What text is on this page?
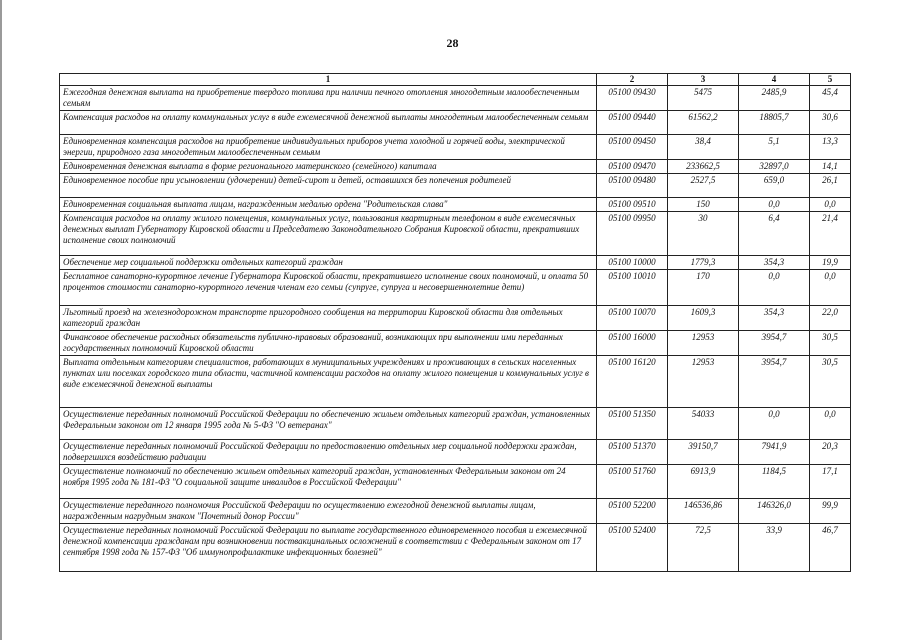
28
1	2	3	4	5
Ежегодная денежная выплата на приобретение твердого топлива при наличии печного отопления многодетным малообеспеченным семьям	05100 09430	5475	2485,9	45,4
Компенсация расходов на оплату коммунальных услуг в виде ежемесячной денежной выплаты многодетным малообеспеченным семьям	05100 09440	61562,2	18805,7	30,6
Единовременная компенсация расходов на приобретение индивидуальных приборов учета холодной и горячей воды, электрической энергии, природного газа многодетным малообеспеченным семьям	05100 09450	38,4	5,1	13,3
Единовременная денежная выплата в форме регионального материнского (семейного) капитала	05100 09470	233662,5	32897,0	14,1
Единовременное пособие при усыновлении (удочерении) детей-сирот и детей, оставшихся без попечения родителей	05100 09480	2527,5	659,0	26,1
Единовременная социальная выплата лицам, награжденным медалью ордена "Родительская слава"	05100 09510	150	0,0	0,0
Компенсация расходов на оплату жилого помещения, коммунальных услуг, пользования квартирным телефоном в виде ежемесячных денежных выплат Губернатору Кировской области и Председателю Законодательного Собрания Кировской области, прекративших исполнение своих полномочий	05100 09950	30	6,4	21,4
Обеспечение мер социальной поддержки отдельных категорий граждан	05100 10000	1779,3	354,3	19,9
Бесплатное санаторно-курортное лечение Губернатора Кировской области, прекратившего исполнение своих полномочий, и оплата 50 процентов стоимости санаторно-курортного лечения членам его семьи (супруге, супруга и несовершеннолетние дети)	05100 10010	170	0,0	0,0
Льготный проезд на железнодорожном транспорте пригородного сообщения на территории Кировской области для отдельных категорий граждан	05100 10070	1609,3	354,3	22,0
Финансовое обеспечение расходных обязательств публично-правовых образований, возникающих при выполнении ими переданных государственных полномочий Кировской области	05100 16000	12953	3954,7	30,5
Выплата отдельным категориям специалистов, работающих в муниципальных учреждениях и проживающих в сельских населенных пунктах или поселках городского типа области, частичной компенсации расходов на оплату жилого помещения и коммунальных услуг в виде ежемесячной денежной выплаты	05100 16120	12953	3954,7	30,5
Осуществление переданных полномочий Российской Федерации по обеспечению жильем отдельных категорий граждан, установленных Федеральным законом от 12 января 1995 года № 5-ФЗ "О ветеранах"	05100 51350	54033	0,0	0,0
Осуществление переданных полномочий Российской Федерации по предоставлению отдельных мер социальной поддержки граждан, подвергшихся воздействию радиации	05100 51370	39150,7	7941,9	20,3
Осуществление полномочий по обеспечению жильем отдельных категорий граждан, установленных Федеральным законом от 24 ноября 1995 года № 181-ФЗ "О социальной защите инвалидов в Российской Федерации"	05100 51760	6913,9	1184,5	17,1
Осуществление переданного полномочия Российской Федерации по осуществлению ежегодной денежной выплаты лицам, награжденным нагрудным знаком "Почетный донор России"	05100 52200	146536,86	146326,0	99,9
Осуществление переданных полномочий Российской Федерации по выплате государственного единовременного пособия и ежемесячной денежной компенсации гражданам при возникновении поствакцинальных осложнений в соответствии с Федеральным законом от 17 сентября 1998 года № 157-ФЗ "Об иммунопрофилактике инфекционных болезней"	05100 52400	72,5	33,9	46,7
